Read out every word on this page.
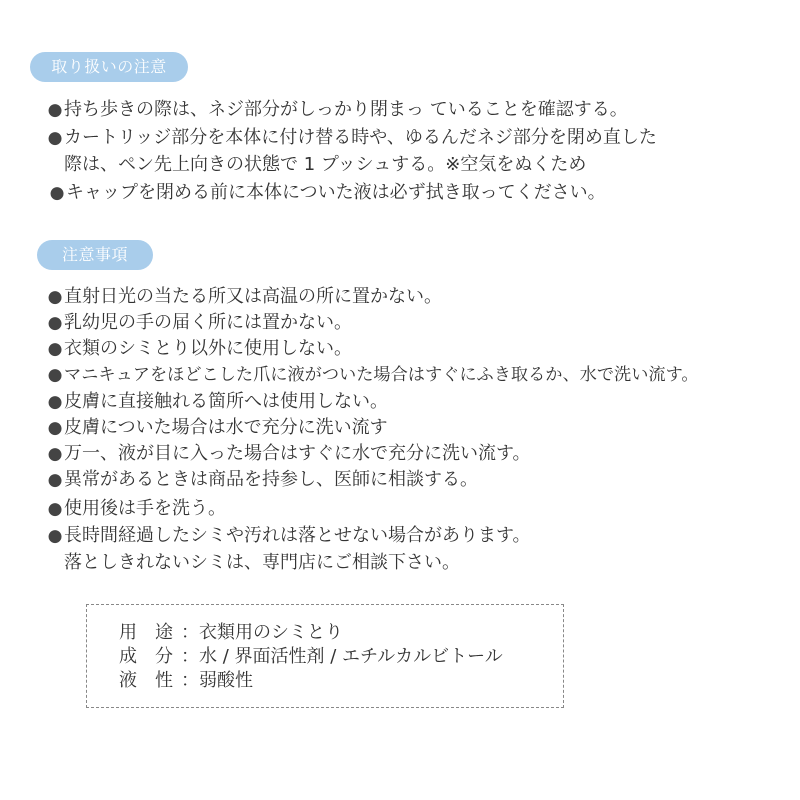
取り扱いの注意
●持ち歩きの際は、ネジ部分がしっかり閉まっ ていることを確認する。
●カートリッジ部分を本体に付け替る時や、ゆるんだネジ部分を閉め直した
際は、ペン先上向きの状態で 1 プッシュする。※空気をぬくため
●キャップを閉める前に本体についた液は必ず拭き取ってください。
注意事項
●直射日光の当たる所又は高温の所に置かない。
●乳幼児の手の届く所には置かない。
●衣類のシミとり以外に使用しない。
●マニキュアをほどこした爪に液がついた場合はすぐにふき取るか、水で洗い流す。
●皮膚に直接触れる箇所へは使用しない。
●皮膚についた場合は水で充分に洗い流す
●万一、液が目に入った場合はすぐに水で充分に洗い流す。
●異常があるときは商品を持参し、医師に相談する。
●使用後は手を洗う。
●長時間経過したシミや汚れは落とせない場合があります。
落としきれないシミは、専門店にご相談下さい。
用　途 ：衣類用のシミとり
成　分 ：水 / 界面活性剤 / エチルカルビトール
液　性 ：弱酸性
